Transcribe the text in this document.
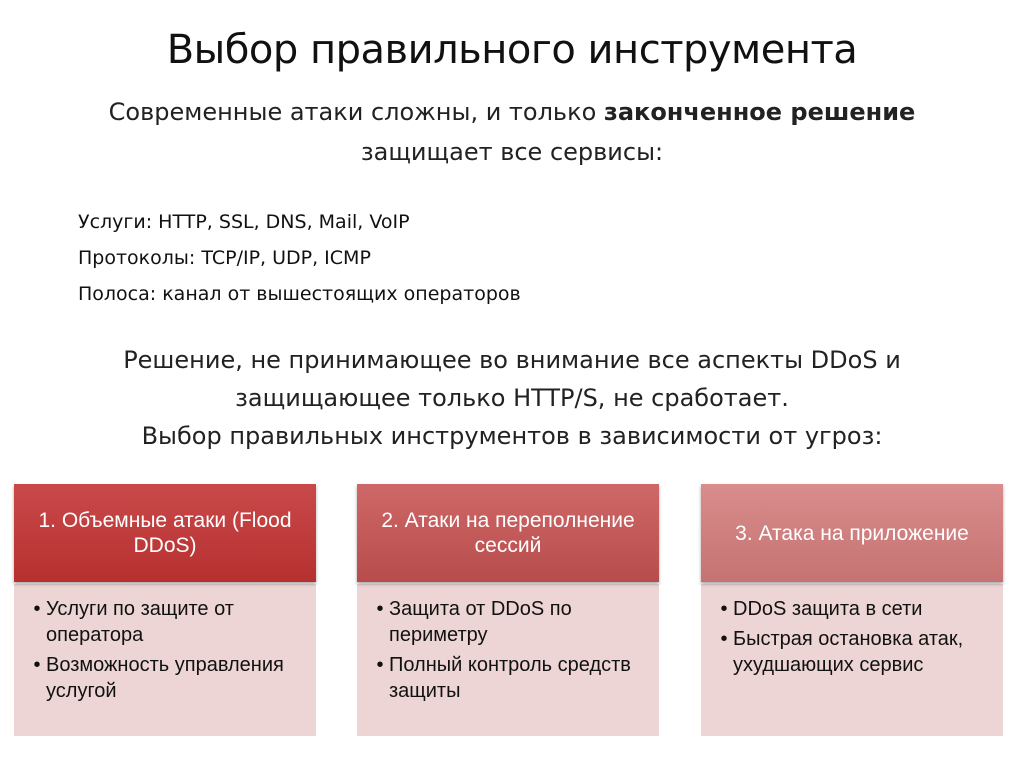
Выбор правильного инструмента
Современные атаки сложны, и только законченное решение
защищает все сервисы:
Услуги: HTTP, SSL, DNS, Mail, VoIP
Протоколы: TCP/IP, UDP, ICMP
Полоса: канал от вышестоящих операторов
Решение, не принимающее во внимание все аспекты DDoS и
защищающее только HTTP/S, не сработает.
Выбор правильных инструментов в зависимости от угроз:
1. Объемные атаки (Flood DDoS)
• Услуги по защите от оператора
• Возможность управления услугой
2. Атаки на переполнение сессий
• Защита от DDoS по периметру
• Полный контроль средств защиты
3. Атака на приложение
• DDoS защита в сети
• Быстрая остановка атак, ухудшающих сервис
